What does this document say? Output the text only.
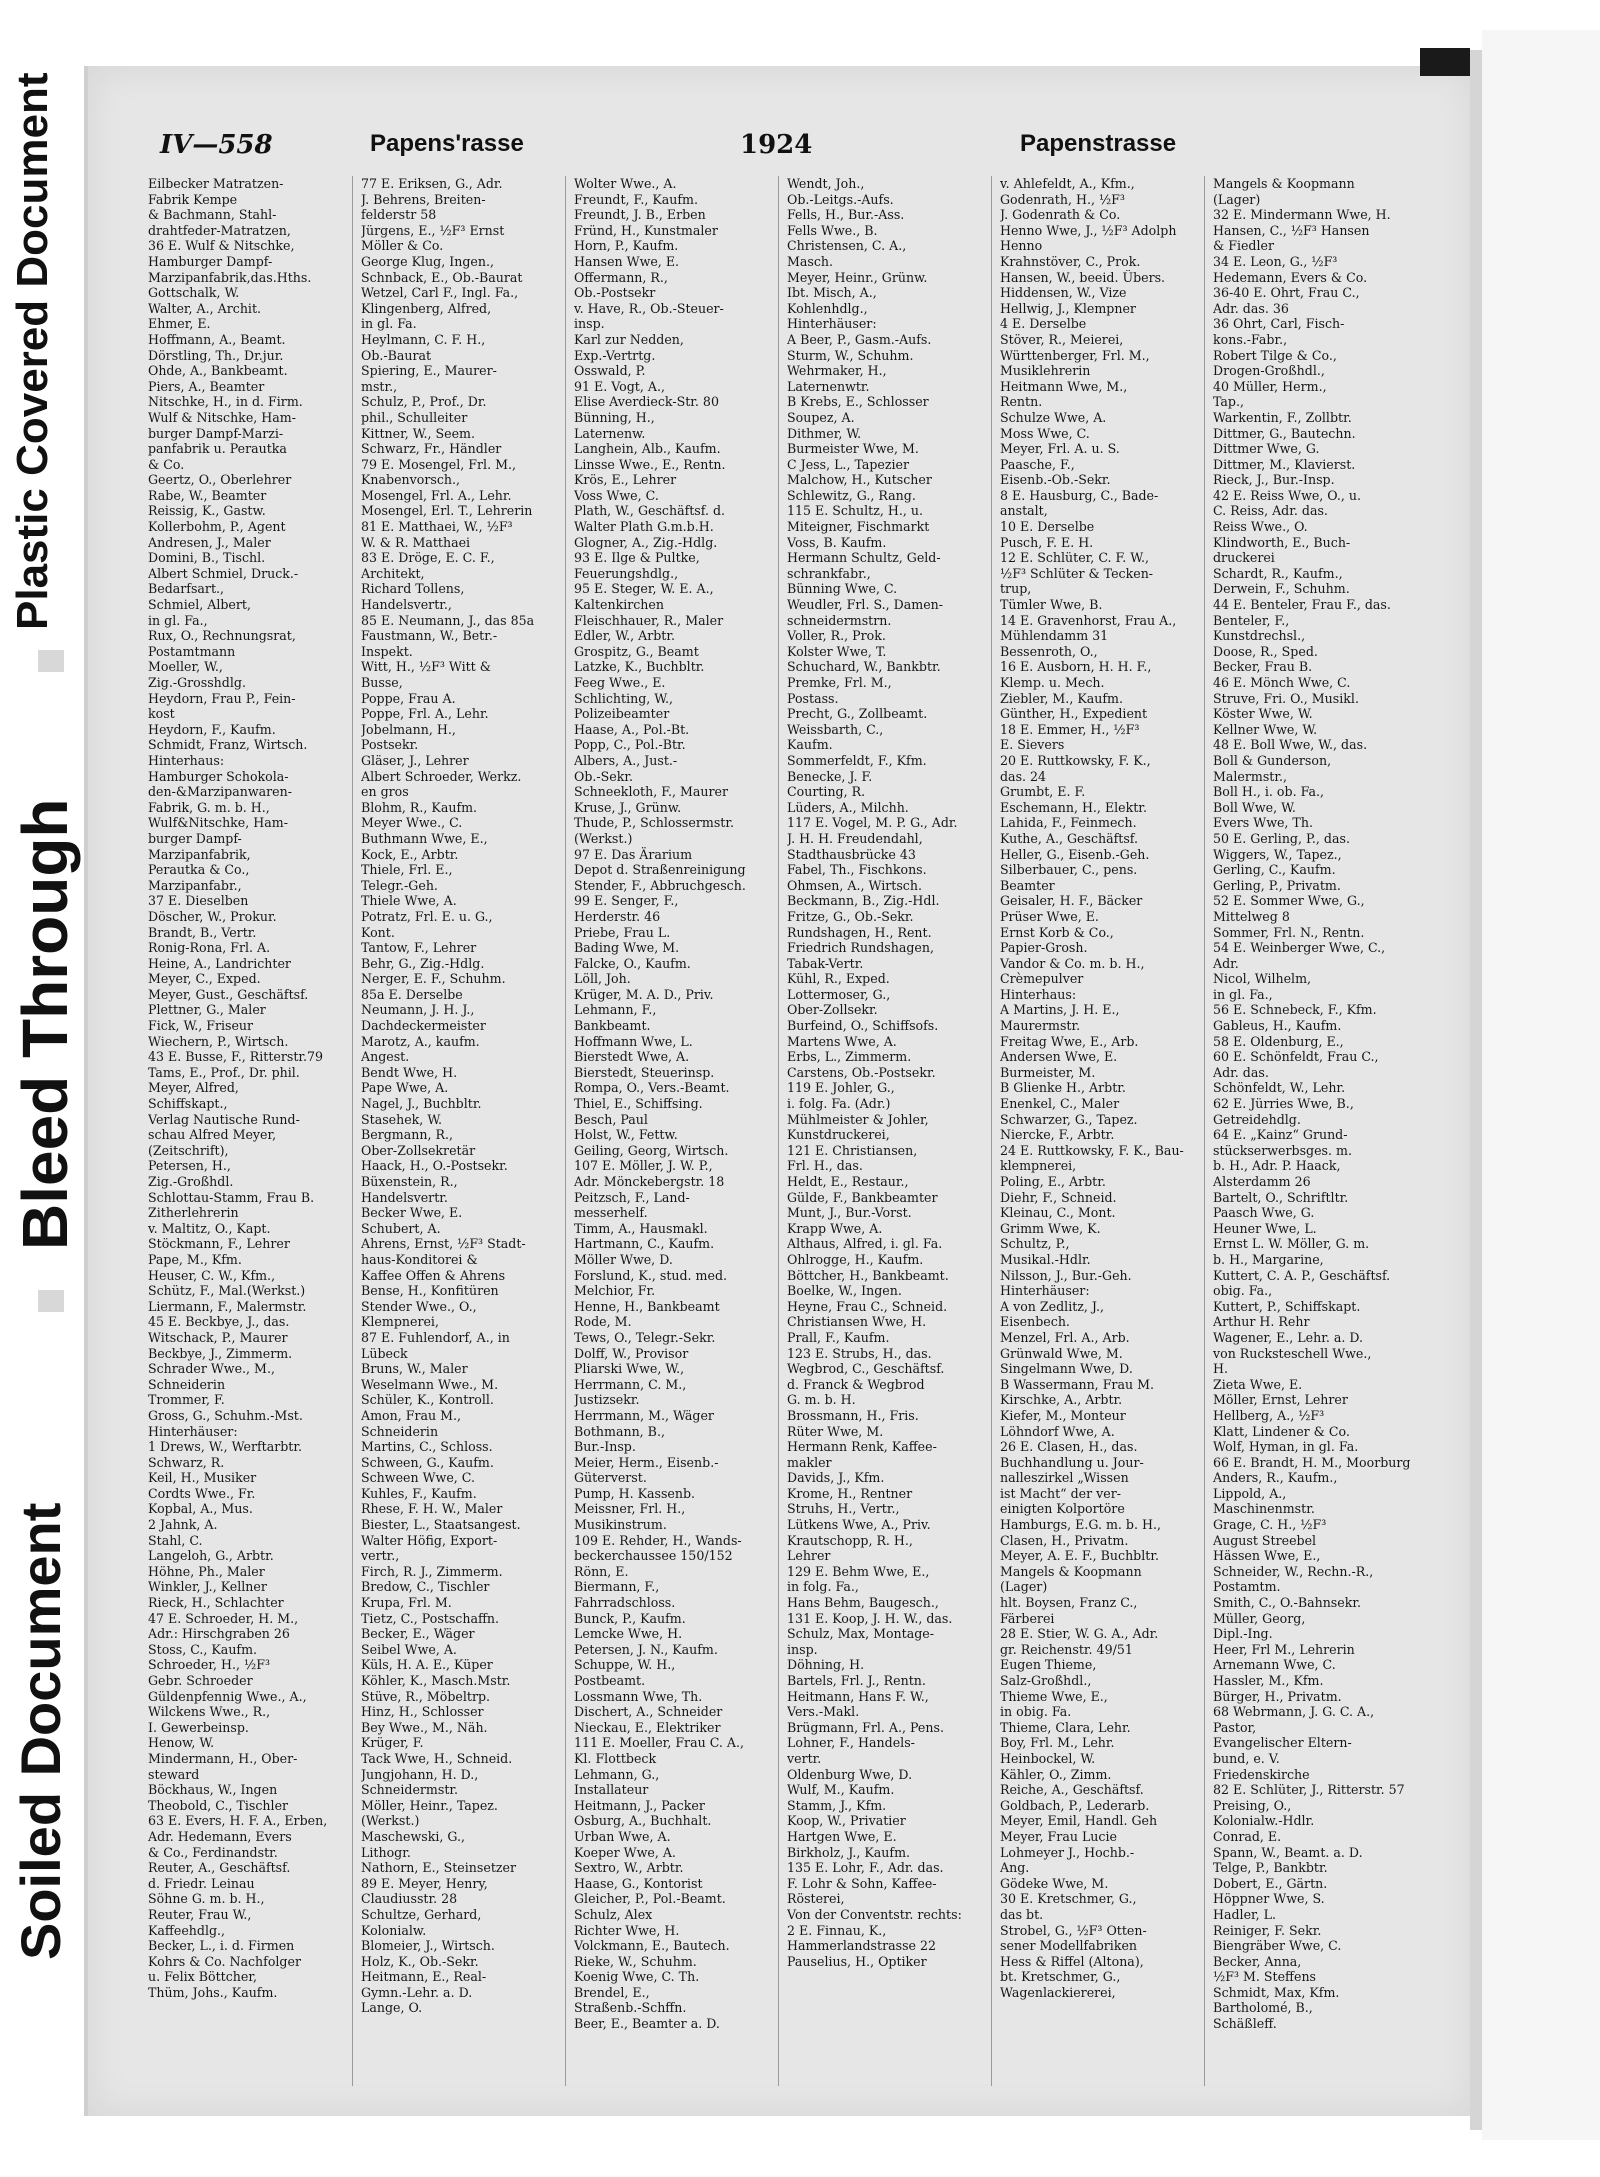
Plastic Covered Document
Bleed Through
Soiled Document
IV—558	Papens'rasse	1924	Papenstrasse
Eilbecker Matratzen-
Fabrik Kempe
& Bachmann, Stahl-
drahtfeder-Matratzen,
36 E. Wulf & Nitschke,
Hamburger Dampf-
Marzipanfabrik,das.Hths.
Gottschalk, W.
Walter, A., Archit.
Ehmer, E.
Hoffmann, A., Beamt.
Dörstling, Th., Dr.jur.
Ohde, A., Bankbeamt.
Piers, A., Beamter
Nitschke, H., in d. Firm.
Wulf & Nitschke, Ham-
burger Dampf-Marzi-
panfabrik u. Perautka
& Co.
Geertz, O., Oberlehrer
Rabe, W., Beamter
Reissig, K., Gastw.
Kollerbohm, P., Agent
Andresen, J., Maler
Domini, B., Tischl.
Albert Schmiel, Druck.-
Bedarfsart.,
Schmiel, Albert,
in gl. Fa.,
Rux, O., Rechnungsrat,
Postamtmann
Moeller, W.,
Zig.-Grosshdlg.
Heydorn, Frau P., Fein-
kost
Heydorn, F., Kaufm.
Schmidt, Franz, Wirtsch.
Hinterhaus:
Hamburger Schokola-
den-&Marzipanwaren-
Fabrik, G. m. b. H.,
Wulf&Nitschke, Ham-
burger Dampf-
Marzipanfabrik,
Perautka & Co.,
Marzipanfabr.,
37 E. Dieselben
Döscher, W., Prokur.
Brandt, B., Vertr.
Ronig-Rona, Frl. A.
Heine, A., Landrichter
Meyer, C., Exped.
Meyer, Gust., Geschäftsf.
Plettner, G., Maler
Fick, W., Friseur
Wiechern, P., Wirtsch.
43 E. Busse, F., Ritterstr.79
Tams, E., Prof., Dr. phil.
Meyer, Alfred,
Schiffskapt.,
Verlag Nautische Rund-
schau Alfred Meyer,
(Zeitschrift),
Petersen, H.,
Zig.-Großhdl.
Schlottau-Stamm, Frau B.
Zitherlehrerin
v. Maltitz, O., Kapt.
Stöckmann, F., Lehrer
Pape, M., Kfm.
Heuser, C. W., Kfm.,
Schütz, F., Mal.(Werkst.)
Liermann, F., Malermstr.
45 E. Beckbye, J., das.
Witschack, P., Maurer
Beckbye, J., Zimmerm.
Schrader Wwe., M.,
Schneiderin
Trommer, F.
Gross, G., Schuhm.-Mst.
Hinterhäuser:
1 Drews, W., Werftarbtr.
Schwarz, R.
Keil, H., Musiker
Cordts Wwe., Fr.
Kopbal, A., Mus.
2 Jahnk, A.
Stahl, C.
Langeloh, G., Arbtr.
Höhne, Ph., Maler
Winkler, J., Kellner
Rieck, H., Schlachter
47 E. Schroeder, H. M.,
Adr.: Hirschgraben 26
Stoss, C., Kaufm.
Schroeder, H., ½F³
Gebr. Schroeder
Güldenpfennig Wwe., A.,
Wilckens Wwe., R.,
I. Gewerbeinsp.
Henow, W.
Mindermann, H., Ober-
steward
Böckhaus, W., Ingen
Theobold, C., Tischler
63 E. Evers, H. F. A., Erben,
Adr. Hedemann, Evers
& Co., Ferdinandstr.
Reuter, A., Geschäftsf.
d. Friedr. Leinau
Söhne G. m. b. H.,
Reuter, Frau W.,
Kaffeehdlg.,
Becker, L., i. d. Firmen
Kohrs & Co. Nachfolger
u. Felix Böttcher,
Thüm, Johs., Kaufm.
77 E. Eriksen, G., Adr.
J. Behrens, Breiten-
felderstr 58
Jürgens, E., ½F³ Ernst
Möller & Co.
George Klug, Ingen.,
Schnback, E., Ob.-Baurat
Wetzel, Carl F., Ingl. Fa.,
Klingenberg, Alfred,
in gl. Fa.
Heylmann, C. F. H.,
Ob.-Baurat
Spiering, E., Maurer-
mstr.,
Schulz, P., Prof., Dr.
phil., Schulleiter
Kittner, W., Seem.
Schwarz, Fr., Händler
79 E. Mosengel, Frl. M.,
Knabenvorsch.,
Mosengel, Frl. A., Lehr.
Mosengel, Erl. T., Lehrerin
81 E. Matthaei, W., ½F³
W. & R. Matthaei
83 E. Dröge, E. C. F.,
Architekt,
Richard Tollens,
Handelsvertr.,
85 E. Neumann, J., das 85a
Faustmann, W., Betr.-
Inspekt.
Witt, H., ½F³ Witt &
Busse,
Poppe, Frau A.
Poppe, Frl. A., Lehr.
Jobelmann, H.,
Postsekr.
Gläser, J., Lehrer
Albert Schroeder, Werkz.
en gros
Blohm, R., Kaufm.
Meyer Wwe., C.
Buthmann Wwe, E.,
Kock, E., Arbtr.
Thiele, Frl. E.,
Telegr.-Geh.
Thiele Wwe, A.
Potratz, Frl. E. u. G.,
Kont.
Tantow, F., Lehrer
Behr, G., Zig.-Hdlg.
Nerger, E. F., Schuhm.
85a E. Derselbe
Neumann, J. H. J.,
Dachdeckermeister
Marotz, A., kaufm.
Angest.
Bendt Wwe, H.
Pape Wwe, A.
Nagel, J., Buchbltr.
Stasehek, W.
Bergmann, R.,
Ober-Zollsekretär
Haack, H., O.-Postsekr.
Büxenstein, R.,
Handelsvertr.
Becker Wwe, E.
Schubert, A.
Ahrens, Ernst, ½F³ Stadt-
haus-Konditorei &
Kaffee Offen & Ahrens
Bense, H., Konfitüren
Stender Wwe., O.,
Klempnerei,
87 E. Fuhlendorf, A., in
Lübeck
Bruns, W., Maler
Weselmann Wwe., M.
Schüler, K., Kontroll.
Amon, Frau M.,
Schneiderin
Martins, C., Schloss.
Schween, G., Kaufm.
Schween Wwe, C.
Kuhles, F., Kaufm.
Rhese, F. H. W., Maler
Biester, L., Staatsangest.
Walter Höfig, Export-
vertr.,
Firch, R. J., Zimmerm.
Bredow, C., Tischler
Krupa, Frl. M.
Tietz, C., Postschaffn.
Becker, E., Wäger
Seibel Wwe, A.
Küls, H. A. E., Küper
Köhler, K., Masch.Mstr.
Stüve, R., Möbeltrp.
Hinz, H., Schlosser
Bey Wwe., M., Näh.
Krüger, F.
Tack Wwe, H., Schneid.
Jungjohann, H. D.,
Schneidermstr.
Möller, Heinr., Tapez.
(Werkst.)
Maschewski, G.,
Lithogr.
Nathorn, E., Steinsetzer
89 E. Meyer, Henry,
Claudiusstr. 28
Schultze, Gerhard,
Kolonialw.
Blomeier, J., Wirtsch.
Holz, K., Ob.-Sekr.
Heitmann, E., Real-
Gymn.-Lehr. a. D.
Lange, O.
Wolter Wwe., A.
Freundt, F., Kaufm.
Freundt, J. B., Erben
Fründ, H., Kunstmaler
Horn, P., Kaufm.
Hansen Wwe, E.
Offermann, R.,
Ob.-Postsekr
v. Have, R., Ob.-Steuer-
insp.
Karl zur Nedden,
Exp.-Vertrtg.
Osswald, P.
91 E. Vogt, A.,
Elise Averdieck-Str. 80
Bünning, H.,
Laternenw.
Langhein, Alb., Kaufm.
Linsse Wwe., E., Rentn.
Krös, E., Lehrer
Voss Wwe, C.
Plath, W., Geschäftsf. d.
Walter Plath G.m.b.H.
Glogner, A., Zig.-Hdlg.
93 E. Ilge & Pultke,
Feuerungshdlg.,
95 E. Steger, W. E. A.,
Kaltenkirchen
Fleischhauer, R., Maler
Edler, W., Arbtr.
Grospitz, G., Beamt
Latzke, K., Buchbltr.
Feeg Wwe., E.
Schlichting, W.,
Polizeibeamter
Haase, A., Pol.-Bt.
Popp, C., Pol.-Btr.
Albers, A., Just.-
Ob.-Sekr.
Schneekloth, F., Maurer
Kruse, J., Grünw.
Thude, P., Schlossermstr.
(Werkst.)
97 E. Das Ärarium
Depot d. Straßenreinigung
Stender, F., Abbruchgesch.
99 E. Senger, F.,
Herderstr. 46
Priebe, Frau L.
Bading Wwe, M.
Falcke, O., Kaufm.
Löll, Joh.
Krüger, M. A. D., Priv.
Lehmann, F.,
Bankbeamt.
Hoffmann Wwe, L.
Bierstedt Wwe, A.
Bierstedt, Steuerinsp.
Rompa, O., Vers.-Beamt.
Thiel, E., Schiffsing.
Besch, Paul
Holst, W., Fettw.
Geiling, Georg, Wirtsch.
107 E. Möller, J. W. P.,
Adr. Mönckebergstr. 18
Peitzsch, F., Land-
messerhelf.
Timm, A., Hausmakl.
Hartmann, C., Kaufm.
Möller Wwe, D.
Forslund, K., stud. med.
Melchior, Fr.
Henne, H., Bankbeamt
Rode, M.
Tews, O., Telegr.-Sekr.
Dolff, W., Provisor
Pliarski Wwe, W.,
Herrmann, C. M.,
Justizsekr.
Herrmann, M., Wäger
Bothmann, B.,
Bur.-Insp.
Meier, Herm., Eisenb.-
Güterverst.
Pump, H. Kassenb.
Meissner, Frl. H.,
Musikinstrum.
109 E. Rehder, H., Wands-
beckerchaussee 150/152
Rönn, E.
Biermann, F.,
Fahrradschloss.
Bunck, P., Kaufm.
Lemcke Wwe, H.
Petersen, J. N., Kaufm.
Schuppe, W. H.,
Postbeamt.
Lossmann Wwe, Th.
Dischert, A., Schneider
Nieckau, E., Elektriker
111 E. Moeller, Frau C. A.,
Kl. Flottbeck
Lehmann, G.,
Installateur
Heitmann, J., Packer
Osburg, A., Buchhalt.
Urban Wwe, A.
Koeper Wwe, A.
Sextro, W., Arbtr.
Haase, G., Kontorist
Gleicher, P., Pol.-Beamt.
Schulz, Alex
Richter Wwe, H.
Volckmann, E., Bautech.
Rieke, W., Schuhm.
Koenig Wwe, C. Th.
Brendel, E.,
Straßenb.-Schffn.
Beer, E., Beamter a. D.
Wendt, Joh.,
Ob.-Leitgs.-Aufs.
Fells, H., Bur.-Ass.
Fells Wwe., B.
Christensen, C. A.,
Masch.
Meyer, Heinr., Grünw.
Ibt. Misch, A.,
Kohlenhdlg.,
Hinterhäuser:
A Beer, P., Gasm.-Aufs.
Sturm, W., Schuhm.
Wehrmaker, H.,
Laternenwtr.
B Krebs, E., Schlosser
Soupez, A.
Dithmer, W.
Burmeister Wwe, M.
C Jess, L., Tapezier
Malchow, H., Kutscher
Schlewitz, G., Rang.
115 E. Schultz, H., u.
Miteigner, Fischmarkt
Voss, B. Kaufm.
Hermann Schultz, Geld-
schrankfabr.,
Bünning Wwe, C.
Weudler, Frl. S., Damen-
schneidermstrn.
Voller, R., Prok.
Kolster Wwe, T.
Schuchard, W., Bankbtr.
Premke, Frl. M.,
Postass.
Precht, G., Zollbeamt.
Weissbarth, C.,
Kaufm.
Sommerfeldt, F., Kfm.
Benecke, J. F.
Courting, R.
Lüders, A., Milchh.
117 E. Vogel, M. P. G., Adr.
J. H. H. Freudendahl,
Stadthausbrücke 43
Fabel, Th., Fischkons.
Ohmsen, A., Wirtsch.
Beckmann, B., Zig.-Hdl.
Fritze, G., Ob.-Sekr.
Rundshagen, H., Rent.
Friedrich Rundshagen,
Tabak-Vertr.
Kühl, R., Exped.
Lottermoser, G.,
Ober-Zollsekr.
Burfeind, O., Schiffsofs.
Martens Wwe, A.
Erbs, L., Zimmerm.
Carstens, Ob.-Postsekr.
119 E. Johler, G.,
i. folg. Fa. (Adr.)
Mühlmeister & Johler,
Kunstdruckerei,
121 E. Christiansen,
Frl. H., das.
Heldt, E., Restaur.,
Gülde, F., Bankbeamter
Munt, J., Bur.-Vorst.
Krapp Wwe, A.
Althaus, Alfred, i. gl. Fa.
Ohlrogge, H., Kaufm.
Böttcher, H., Bankbeamt.
Boelke, W., Ingen.
Heyne, Frau C., Schneid.
Christiansen Wwe, H.
Prall, F., Kaufm.
123 E. Strubs, H., das.
Wegbrod, C., Geschäftsf.
d. Franck & Wegbrod
G. m. b. H.
Brossmann, H., Fris.
Rüter Wwe, M.
Hermann Renk, Kaffee-
makler
Davids, J., Kfm.
Krome, H., Rentner
Struhs, H., Vertr.,
Lütkens Wwe, A., Priv.
Krautschopp, R. H.,
Lehrer
129 E. Behm Wwe, E.,
in folg. Fa.,
Hans Behm, Baugesch.,
131 E. Koop, J. H. W., das.
Schulz, Max, Montage-
insp.
Döhning, H.
Bartels, Frl. J., Rentn.
Heitmann, Hans F. W.,
Vers.-Makl.
Brügmann, Frl. A., Pens.
Lohner, F., Handels-
vertr.
Oldenburg Wwe, D.
Wulf, M., Kaufm.
Stamm, J., Kfm.
Koop, W., Privatier
Hartgen Wwe, E.
Birkholz, J., Kaufm.
135 E. Lohr, F., Adr. das.
F. Lohr & Sohn, Kaffee-
Rösterei,
Von der Conventstr. rechts:
2 E. Finnau, K.,
Hammerlandstrasse 22
Pauselius, H., Optiker
v. Ahlefeldt, A., Kfm.,
Godenrath, H., ½F³
J. Godenrath & Co.
Henno Wwe, J., ½F³ Adolph
Henno
Krahnstöver, C., Prok.
Hansen, W., beeid. Übers.
Hiddensen, W., Vize
Hellwig, J., Klempner
4 E. Derselbe
Stöver, R., Meierei,
Württenberger, Frl. M.,
Musiklehrerin
Heitmann Wwe, M.,
Rentn.
Schulze Wwe, A.
Moss Wwe, C.
Meyer, Frl. A. u. S.
Paasche, F.,
Eisenb.-Ob.-Sekr.
8 E. Hausburg, C., Bade-
anstalt,
10 E. Derselbe
Pusch, F. E. H.
12 E. Schlüter, C. F. W.,
½F³ Schlüter & Tecken-
trup,
Tümler Wwe, B.
14 E. Gravenhorst, Frau A.,
Mühlendamm 31
Bessenroth, O.,
16 E. Ausborn, H. H. F.,
Klemp. u. Mech.
Ziebler, M., Kaufm.
Günther, H., Expedient
18 E. Emmer, H., ½F³
E. Sievers
20 E. Ruttkowsky, F. K.,
das. 24
Grumbt, E. F.
Eschemann, H., Elektr.
Lahida, F., Feinmech.
Kuthe, A., Geschäftsf.
Heller, G., Eisenb.-Geh.
Silberbauer, C., pens.
Beamter
Geisaler, H. F., Bäcker
Prüser Wwe, E.
Ernst Korb & Co.,
Papier-Grosh.
Vandor & Co. m. b. H.,
Crèmepulver
Hinterhaus:
A Martins, J. H. E.,
Maurermstr.
Freitag Wwe, E., Arb.
Andersen Wwe, E.
Burmeister, M.
B Glienke H., Arbtr.
Enenkel, C., Maler
Schwarzer, G., Tapez.
Niercke, F., Arbtr.
24 E. Ruttkowsky, F. K., Bau-
klempnerei,
Poling, E., Arbtr.
Diehr, F., Schneid.
Kleinau, C., Mont.
Grimm Wwe, K.
Schultz, P.,
Musikal.-Hdlr.
Nilsson, J., Bur.-Geh.
Hinterhäuser:
A von Zedlitz, J.,
Eisenbech.
Menzel, Frl. A., Arb.
Grünwald Wwe, M.
Singelmann Wwe, D.
B Wassermann, Frau M.
Kirschke, A., Arbtr.
Kiefer, M., Monteur
Löhndorf Wwe, A.
26 E. Clasen, H., das.
Buchhandlung u. Jour-
nalleszirkel „Wissen
ist Macht“ der ver-
einigten Kolportöre
Hamburgs, E.G. m. b. H.,
Clasen, H., Privatm.
Meyer, A. E. F., Buchbltr.
Mangels & Koopmann
(Lager)
hlt. Boysen, Franz C.,
Färberei
28 E. Stier, W. G. A., Adr.
gr. Reichenstr. 49/51
Eugen Thieme,
Salz-Großhdl.,
Thieme Wwe, E.,
in obig. Fa.
Thieme, Clara, Lehr.
Boy, Frl. M., Lehr.
Heinbockel, W.
Kähler, O., Zimm.
Reiche, A., Geschäftsf.
Goldbach, P., Lederarb.
Meyer, Emil, Handl. Geh
Meyer, Frau Lucie
Lohmeyer J., Hochb.-
Ang.
Gödeke Wwe, M.
30 E. Kretschmer, G.,
das bt.
Strobel, G., ½F³ Otten-
sener Modellfabriken
Hess & Riffel (Altona),
bt. Kretschmer, G.,
Wagenlackiererei,
Mangels & Koopmann
(Lager)
32 E. Mindermann Wwe, H.
Hansen, C., ½F³ Hansen
& Fiedler
34 E. Leon, G., ½F³
Hedemann, Evers & Co.
36-40 E. Ohrt, Frau C.,
Adr. das. 36
36 Ohrt, Carl, Fisch-
kons.-Fabr.,
Robert Tilge & Co.,
Drogen-Großhdl.,
40 Müller, Herm.,
Tap.,
Warkentin, F., Zollbtr.
Dittmer, G., Bautechn.
Dittmer Wwe, G.
Dittmer, M., Klavierst.
Rieck, J., Bur.-Insp.
42 E. Reiss Wwe, O., u.
C. Reiss, Adr. das.
Reiss Wwe., O.
Klindworth, E., Buch-
druckerei
Schardt, R., Kaufm.,
Derwein, F., Schuhm.
44 E. Benteler, Frau F., das.
Benteler, F.,
Kunstdrechsl.,
Doose, R., Sped.
Becker, Frau B.
46 E. Mönch Wwe, C.
Struve, Fri. O., Musikl.
Köster Wwe, W.
Kellner Wwe, W.
48 E. Boll Wwe, W., das.
Boll & Gunderson,
Malermstr.,
Boll H., i. ob. Fa.,
Boll Wwe, W.
Evers Wwe, Th.
50 E. Gerling, P., das.
Wiggers, W., Tapez.,
Gerling, C., Kaufm.
Gerling, P., Privatm.
52 E. Sommer Wwe, G.,
Mittelweg 8
Sommer, Frl. N., Rentn.
54 E. Weinberger Wwe, C.,
Adr.
Nicol, Wilhelm,
in gl. Fa.,
56 E. Schnebeck, F., Kfm.
Gableus, H., Kaufm.
58 E. Oldenburg, E.,
60 E. Schönfeldt, Frau C.,
Adr. das.
Schönfeldt, W., Lehr.
62 E. Jürries Wwe, B.,
Getreidehdlg.
64 E. „Kainz“ Grund-
stückserwerbsges. m.
b. H., Adr. P. Haack,
Alsterdamm 26
Bartelt, O., Schriftltr.
Paasch Wwe, G.
Heuner Wwe, L.
Ernst L. W. Möller, G. m.
b. H., Margarine,
Kuttert, C. A. P., Geschäftsf.
obig. Fa.,
Kuttert, P., Schiffskapt.
Arthur H. Rehr
Wagener, E., Lehr. a. D.
von Rucksteschell Wwe.,
H.
Zieta Wwe, E.
Möller, Ernst, Lehrer
Hellberg, A., ½F³
Klatt, Lindener & Co.
Wolf, Hyman, in gl. Fa.
66 E. Brandt, H. M., Moorburg
Anders, R., Kaufm.,
Lippold, A.,
Maschinenmstr.
Grage, C. H., ½F³
August Streebel
Hässen Wwe, E.,
Schneider, W., Rechn.-R.,
Postamtm.
Smith, C., O.-Bahnsekr.
Müller, Georg,
Dipl.-Ing.
Heer, Frl M., Lehrerin
Arnemann Wwe, C.
Hassler, M., Kfm.
Bürger, H., Privatm.
68 Webrmann, J. G. C. A.,
Pastor,
Evangelischer Eltern-
bund, e. V.
Friedenskirche
82 E. Schlüter, J., Ritterstr. 57
Preising, O.,
Kolonialw.-Hdlr.
Conrad, E.
Spann, W., Beamt. a. D.
Telge, P., Bankbtr.
Dobert, E., Gärtn.
Höppner Wwe, S.
Hadler, L.
Reiniger, F. Sekr.
Biengräber Wwe, C.
Becker, Anna,
½F³ M. Steffens
Schmidt, Max, Kfm.
Bartholomé, B.,
Schäßleff.
